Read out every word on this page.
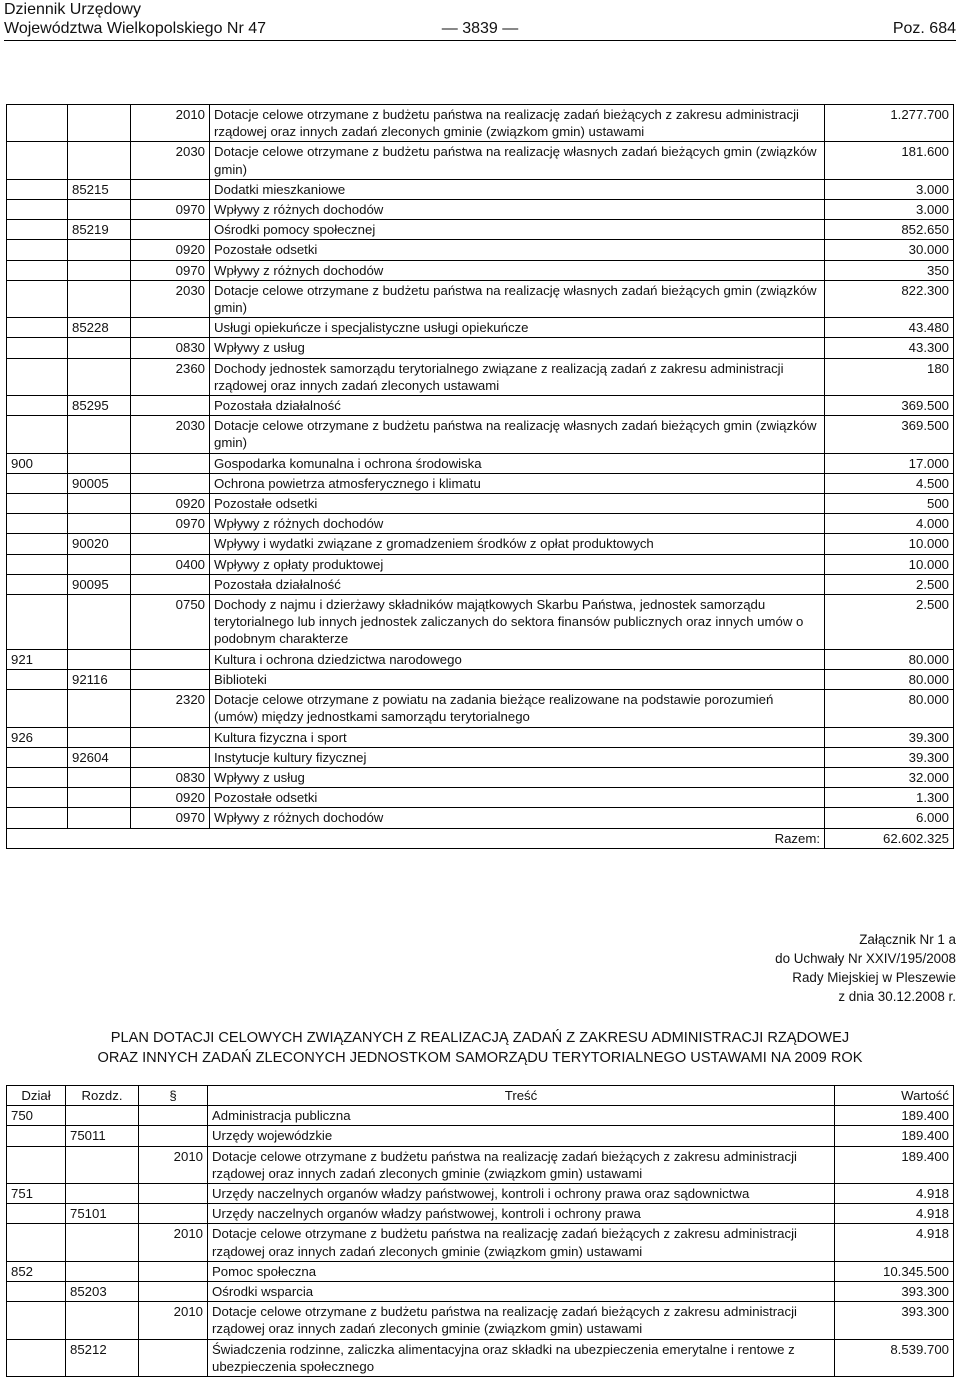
Dziennik Urzędowy
Województwa Wielkopolskiego Nr 47	— 3839 —	Poz. 684
		2010	Dotacje celowe otrzymane z budżetu państwa na realizację zadań bieżących z zakresu administracji rządowej oraz innych zadań zleconych gminie (związkom gmin) ustawami	1.277.700
		2030	Dotacje celowe otrzymane z budżetu państwa na realizację własnych zadań bieżących gmin (związków gmin)	181.600
	85215		Dodatki mieszkaniowe	3.000
		0970	Wpływy z różnych dochodów	3.000
	85219		Ośrodki pomocy społecznej	852.650
		0920	Pozostałe odsetki	30.000
		0970	Wpływy z różnych dochodów	350
		2030	Dotacje celowe otrzymane z budżetu państwa na realizację własnych zadań bieżących gmin (związków gmin)	822.300
	85228		Usługi opiekuńcze i specjalistyczne usługi opiekuńcze	43.480
		0830	Wpływy z usług	43.300
		2360	Dochody jednostek samorządu terytorialnego związane z realizacją zadań z zakresu administracji rządowej oraz innych zadań zleconych ustawami	180
	85295		Pozostała działalność	369.500
		2030	Dotacje celowe otrzymane z budżetu państwa na realizację własnych zadań bieżących gmin (związków gmin)	369.500
900			Gospodarka komunalna i ochrona środowiska	17.000
	90005		Ochrona powietrza atmosferycznego i klimatu	4.500
		0920	Pozostałe odsetki	500
		0970	Wpływy z różnych dochodów	4.000
	90020		Wpływy i wydatki związane z gromadzeniem środków z opłat produktowych	10.000
		0400	Wpływy z opłaty produktowej	10.000
	90095		Pozostała działalność	2.500
		0750	Dochody z najmu i dzierżawy składników majątkowych Skarbu Państwa, jednostek samorządu terytorialnego lub innych jednostek zaliczanych do sektora finansów publicznych oraz innych umów o podobnym charakterze	2.500
921			Kultura i ochrona dziedzictwa narodowego	80.000
	92116		Biblioteki	80.000
		2320	Dotacje celowe otrzymane z powiatu na zadania bieżące realizowane na podstawie porozumień (umów) między jednostkami samorządu terytorialnego	80.000
926			Kultura fizyczna i sport	39.300
	92604		Instytucje kultury fizycznej	39.300
		0830	Wpływy z usług	32.000
		0920	Pozostałe odsetki	1.300
		0970	Wpływy z różnych dochodów	6.000
Razem:				62.602.325
Załącznik Nr 1 a
do Uchwały Nr XXIV/195/2008
Rady Miejskiej w Pleszewie
z dnia 30.12.2008 r.
PLAN DOTACJI CELOWYCH ZWIĄZANYCH Z REALIZACJĄ ZADAŃ Z ZAKRESU ADMINISTRACJI RZĄDOWEJ
ORAZ INNYCH ZADAŃ ZLECONYCH JEDNOSTKOM SAMORZĄDU TERYTORIALNEGO USTAWAMI NA 2009 ROK
Dział	Rozdz.	§	Treść	Wartość
750			Administracja publiczna	189.400
	75011		Urzędy wojewódzkie	189.400
		2010	Dotacje celowe otrzymane z budżetu państwa na realizację zadań bieżących z zakresu administracji rządowej oraz innych zadań zleconych gminie (związkom gmin) ustawami	189.400
751			Urzędy naczelnych organów władzy państwowej, kontroli i ochrony prawa oraz sądownictwa	4.918
	75101		Urzędy naczelnych organów władzy państwowej, kontroli i ochrony prawa	4.918
		2010	Dotacje celowe otrzymane z budżetu państwa na realizację zadań bieżących z zakresu administracji rządowej oraz innych zadań zleconych gminie (związkom gmin) ustawami	4.918
852			Pomoc społeczna	10.345.500
	85203		Ośrodki wsparcia	393.300
		2010	Dotacje celowe otrzymane z budżetu państwa na realizację zadań bieżących z zakresu administracji rządowej oraz innych zadań zleconych gminie (związkom gmin) ustawami	393.300
	85212		Świadczenia rodzinne, zaliczka alimentacyjna oraz składki na ubezpieczenia emerytalne i rentowe z ubezpieczenia społecznego	8.539.700
